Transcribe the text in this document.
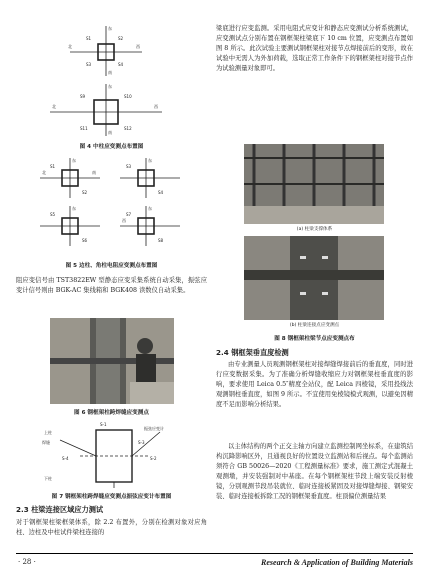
东
西
北
南
S1	S2
S3	S4
东
北	西
南
S9	S10
S11	S12
图 4 中柱应变测点布置图
东	东
东	东
北	南
西
S1
S2
S3
S4
S5
S6
S7
S8
图 5 边柱、角柱电阻应变测点布置图
阻应变信号由 TST3822EW 型静态应变采集系统自动采集，振弦应变计信号则由 BGK-AC 集线箱和 BGK408 读数仪自动采集。
图 6 钢框架柱跨焊缝应变测点
上柱
下柱
S-1
S-2
S-3
S-4
焊缝
振弦应变计
图 7 钢框架柱跨焊缝应变测点振弦应变计布置图
2.3 柱梁连接区域应力测试
对于钢框架柱梁框架体系，除 2.2 布置外，分别在检测对象对应角柱、边柱及中柱试件梁柱连接的
梁底进行应变监测。采用电阻式应变计和静态应变测试分析系统测试，应变测试点分别布置在钢框架柱梁底下 10 cm 位置，应变测点布置如图 8 所示。此次试验主要测试钢框架柱对接节点焊接前后的变形，故在试验中无需人为外加荷载，选取正常工作条件下的钢框架柱对接节点作为试验测量对象即可。
(a) 柱梁支撑体系
(b) 柱梁连接点应变测点
图 8 钢框架柱梁节点应变测点布
2.4 钢框架垂直度检测
由专业测量人员观测钢框架柱对接焊缝焊接前后的垂直度，同时进行应变数据采集。为了准确分析焊缝收缩应力对钢框架柱垂直度的影响，要求使用 Leica 0.5″精度全站仪，配 Leica 四棱镜，采用投线法观测钢柱垂直度，如图 9 所示。不宜使用免棱镜模式观测，以避免因精度不足而影响分析结果。
以主体结构的两个正交主轴方向建立监测控制网坐标系，在建筑结构沉降影响区外，且通视良好的位置设立监测站和后视点。每个监测站须符合 GB 50026—2020《工程测量标准》要求，施工测定式混凝土观测墩，并安装强制对中基座。在每个钢框架柱节段上端安装反射棱镜，分别观测节段吊装就位、临时连接板紧固及对接焊缝焊接、钢梁安装、临时连接板拆除工况的钢框架垂直度。柱顶偏位测量结果
· 28 ·	Research & Application of Building Materials
